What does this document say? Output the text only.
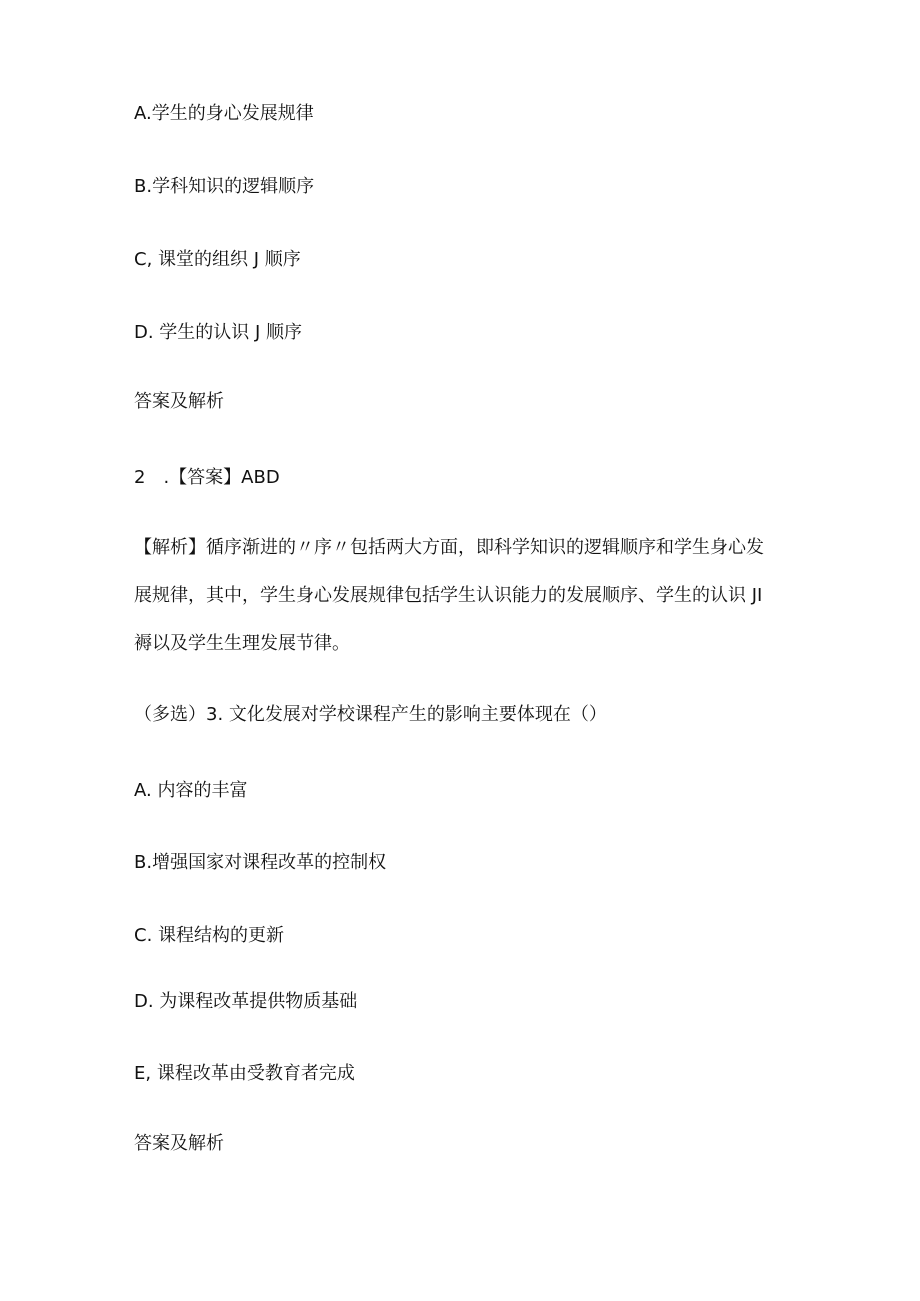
A.学生的身心发展规律
B.学科知识的逻辑顺序
C, 课堂的组织 J 顺序
D. 学生的认识 J 顺序
答案及解析
2　.【答案】ABD
【解析】循序渐进的〃序〃包括两大方面，即科学知识的逻辑顺序和学生身心发
展规律，其中，学生身心发展规律包括学生认识能力的发展顺序、学生的认识 JI
褥以及学生生理发展节律。
（多选）3. 文化发展对学校课程产生的影响主要体现在（）
A. 内容的丰富
B.增强国家对课程改革的控制权
C. 课程结构的更新
D. 为课程改革提供物质基础
E, 课程改革由受教育者完成
答案及解析
